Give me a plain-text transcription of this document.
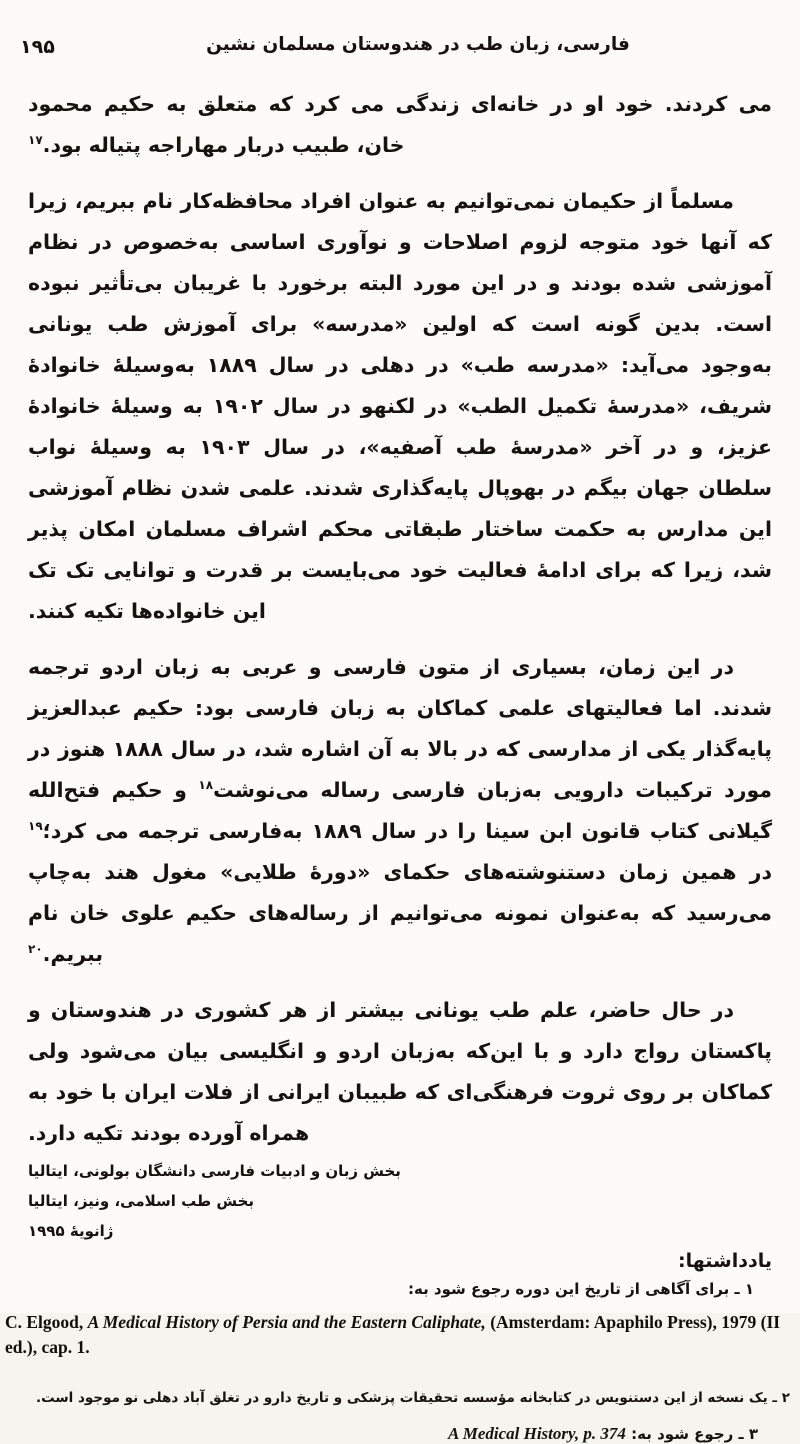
۱۹۵	فارسی، زبان طب در هندوستان مسلمان نشین

می کردند. خود او در خانه‌ای زندگی می کرد که متعلق به حکیم محمود خان، طبیب دربار مهاراجه پتیاله بود.$^{۱۷}$

مسلماً از حکیمان نمی‌توانیم به عنوان افراد محافظه‌کار نام ببریم، زیرا که آنها خود متوجه لزوم اصلاحات و نوآوری اساسی به‌خصوص در نظام آموزشی شده بودند و در این مورد البته برخورد با غریبان بی‌تأثیر نبوده است. بدین گونه است که اولین «مدرسه» برای آموزش طب یونانی به‌وجود می‌آید: «مدرسه طب» در دهلی در سال ۱۸۸۹ به‌وسیلهٔ خانوادهٔ شریف، «مدرسهٔ تکمیل الطب» در لکنهو در سال ۱۹۰۲ به وسیلهٔ خانوادهٔ عزیز، و در آخر «مدرسهٔ طب آصفیه»، در سال ۱۹۰۳ به وسیلهٔ نواب سلطان جهان بیگم در بهوپال پایه‌گذاری شدند. علمی شدن نظام آموزشی این مدارس به حکمت ساختار طبقاتی محکم اشراف مسلمان امکان پذیر شد، زیرا که برای ادامهٔ فعالیت خود می‌بایست بر قدرت و توانایی تک تک این خانواده‌ها تکیه کنند.

در این زمان، بسیاری از متون فارسی و عربی به زبان اردو ترجمه شدند. اما فعالیتهای علمی کماکان به زبان فارسی بود: حکیم عبدالعزیز پایه‌گذار یکی از مدارسی که در بالا به آن اشاره شد، در سال ۱۸۸۸ هنوز در مورد ترکیبات دارویی به‌زبان فارسی رساله می‌نوشت$^{۱۸}$ و حکیم فتح‌الله گیلانی کتاب قانون ابن سینا را در سال ۱۸۸۹ به‌فارسی ترجمه می کرد؛$^{۱۹}$ در همین زمان دستنوشته‌های حکمای «دورهٔ طلایی» مغول هند به‌چاپ می‌رسید که به‌عنوان نمونه می‌توانیم از رساله‌های حکیم علوی خان نام ببریم.$^{۲۰}$

در حال حاضر، علم طب یونانی بیشتر از هر کشوری در هندوستان و پاکستان رواج دارد و با این‌که به‌زبان اردو و انگلیسی بیان می‌شود ولی کماکان بر روی ثروت فرهنگی‌ای که طبیبان ایرانی از فلات ایران با خود به همراه آورده بودند تکیه دارد.

بخش زبان و ادبیات فارسی دانشگان بولونی، ایتالیا

بخش طب اسلامی، ونیز، ایتالیا

ژانویهٔ ۱۹۹۵

یادداشتها:

۱ ـ برای آگاهی از تاریخ این دوره رجوع شود به:

C. Elgood, A Medical History of Persia and the Eastern Caliphate, (Amsterdam: Apaphilo Press), 1979 (II ed.), cap. 1.

۲ ـ یک نسخه از این دستنویس در کتابخانه مؤسسه تحقیقات پزشکی و تاریخ دارو در تغلق آباد دهلی نو موجود است.

۳ ـ رجوع شود به: A Medical History, p. 374
